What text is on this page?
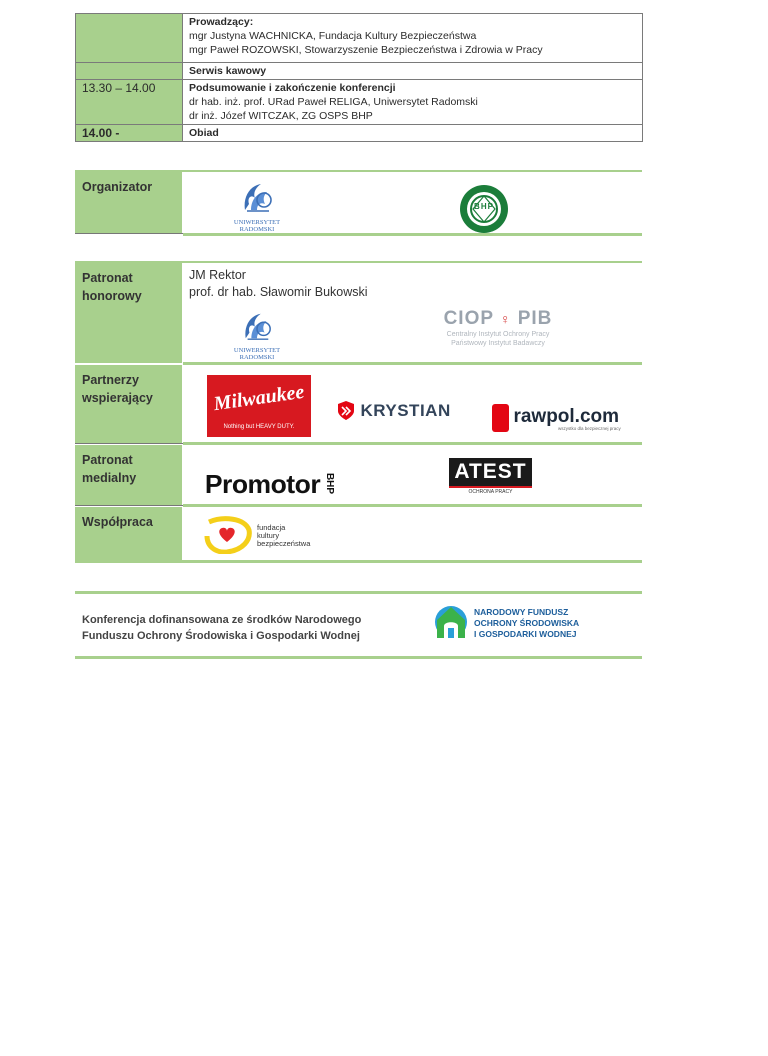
	Prowadzący:
mgr Justyna WACHNICKA, Fundacja Kultury Bezpieczeństwa
mgr Paweł ROZOWSKI, Stowarzyszenie Bezpieczeństwa i Zdrowia w Pracy

	Serwis kawowy
13.30 – 14.00	Podsumowanie i zakończenie konferencji
dr hab. inż. prof. URad Paweł RELIGA, Uniwersytet Radomski
dr inż. Józef WITCZAK, ZG OSPS BHP

14.00 -	Obiad
Organizator
UNIWERSYTET
RADOMSKI
BHP
Patronat
honorowy
JM Rektor
prof. dr hab. Sławomir Bukowski
UNIWERSYTET
RADOMSKI
CIOP ♀ PIB
Centralny Instytut Ochrony Pracy
Państwowy Instytut Badawczy
Partnerzy
wspierający	Milwaukee
Nothing but HEAVY DUTY.
KRYSTIAN	rawpol.com
wszystko dla bezpiecznej pracy
Patronat
medialny	Promotor BHP
ATEST
OCHRONA PRACY
Współpraca	fundacja
kultury
bezpieczeństwa
Konferencja dofinansowana ze środków Narodowego
Funduszu Ochrony Środowiska i Gospodarki Wodnej
NARODOWY FUNDUSZ
OCHRONY ŚRODOWISKA
I GOSPODARKI WODNEJ
